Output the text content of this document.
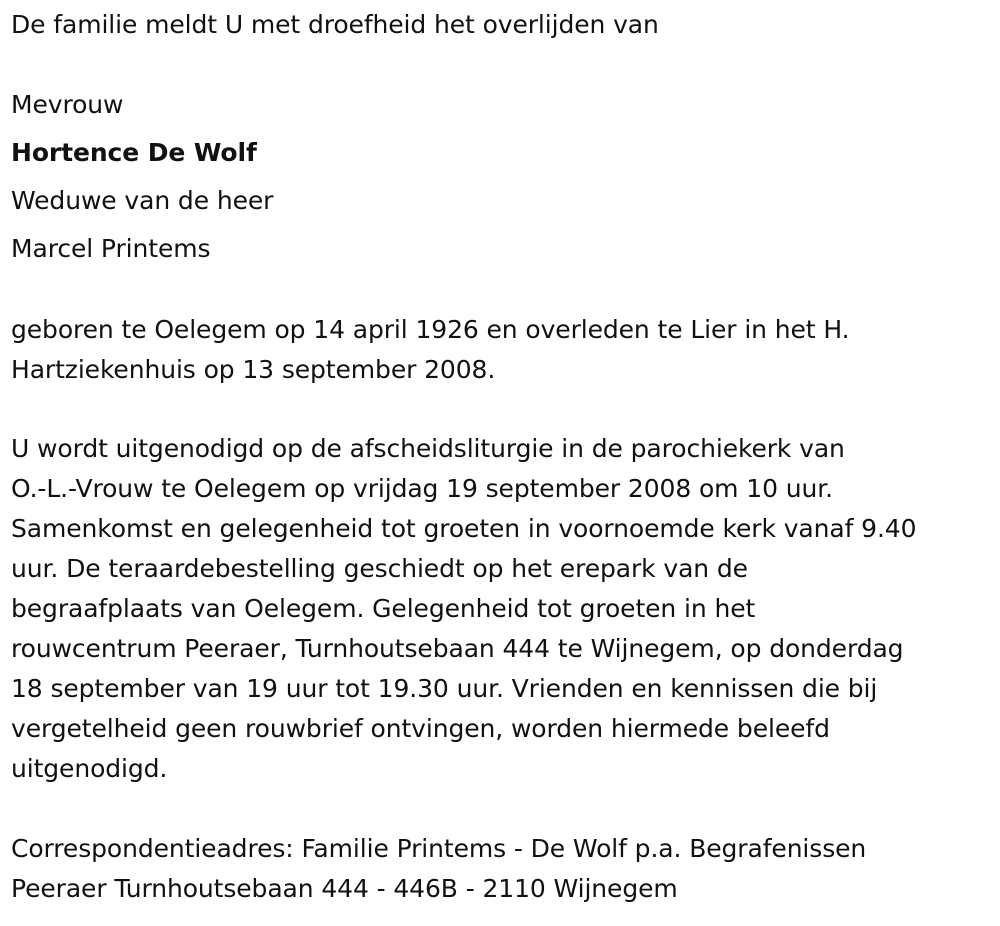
De familie meldt U met droefheid het overlijden van
Mevrouw
Hortence De Wolf
Weduwe van de heer
Marcel Printems
geboren te Oelegem op 14 april 1926 en overleden te Lier in het H.
Hartziekenhuis op 13 september 2008.
U wordt uitgenodigd op de afscheidsliturgie in de parochiekerk van
O.-L.-Vrouw te Oelegem op vrijdag 19 september 2008 om 10 uur.
Samenkomst en gelegenheid tot groeten in voornoemde kerk vanaf 9.40
uur. De teraardebestelling geschiedt op het erepark van de
begraafplaats van Oelegem. Gelegenheid tot groeten in het
rouwcentrum Peeraer, Turnhoutsebaan 444 te Wijnegem, op donderdag
18 september van 19 uur tot 19.30 uur. Vrienden en kennissen die bij
vergetelheid geen rouwbrief ontvingen, worden hiermede beleefd
uitgenodigd.
Correspondentieadres: Familie Printems - De Wolf p.a. Begrafenissen
Peeraer Turnhoutsebaan 444 - 446B - 2110 Wijnegem
